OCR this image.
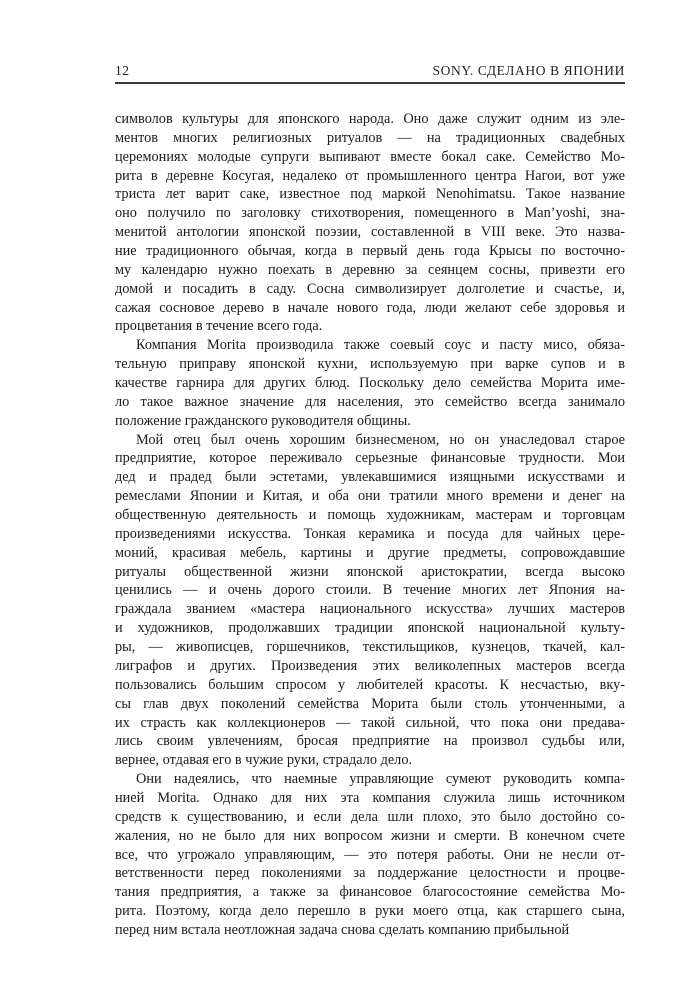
12	SONY. СДЕЛАНО В ЯПОНИИ
символов культуры для японского народа. Оно даже служит одним из эле-
ментов многих религиозных ритуалов — на традиционных свадебных
церемониях молодые супруги выпивают вместе бокал саке. Семейство Мо-
рита в деревне Косугая, недалеко от промышленного центра Нагои, вот уже
триста лет варит саке, известное под маркой Nenohimatsu. Такое название
оно получило по заголовку стихотворения, помещенного в Man’yoshi, зна-
менитой антологии японской поэзии, составленной в VIII веке. Это назва-
ние традиционного обычая, когда в первый день года Крысы по восточно-
му календарю нужно поехать в деревню за сеянцем сосны, привезти его
домой и посадить в саду. Сосна символизирует долголетие и счастье, и,
сажая сосновое дерево в начале нового года, люди желают себе здоровья и
процветания в течение всего года.
Компания Morita производила также соевый соус и пасту мисо, обяза-
тельную приправу японской кухни, используемую при варке супов и в
качестве гарнира для других блюд. Поскольку дело семейства Морита име-
ло такое важное значение для населения, это семейство всегда занимало
положение гражданского руководителя общины.
Мой отец был очень хорошим бизнесменом, но он унаследовал старое
предприятие, которое переживало серьезные финансовые трудности. Мои
дед и прадед были эстетами, увлекавшимися изящными искусствами и
ремеслами Японии и Китая, и оба они тратили много времени и денег на
общественную деятельность и помощь художникам, мастерам и торговцам
произведениями искусства. Тонкая керамика и посуда для чайных цере-
моний, красивая мебель, картины и другие предметы, сопровождавшие
ритуалы общественной жизни японской аристократии, всегда высоко
ценились — и очень дорого стоили. В течение многих лет Япония на-
граждала званием «мастера национального искусства» лучших мастеров
и художников, продолжавших традиции японской национальной культу-
ры, — живописцев, горшечников, текстильщиков, кузнецов, ткачей, кал-
лиграфов и других. Произведения этих великолепных мастеров всегда
пользовались большим спросом у любителей красоты. К несчастью, вку-
сы глав двух поколений семейства Морита были столь утонченными, а
их страсть как коллекционеров — такой сильной, что пока они предава-
лись своим увлечениям, бросая предприятие на произвол судьбы или,
вернее, отдавая его в чужие руки, страдало дело.
Они надеялись, что наемные управляющие сумеют руководить компа-
нией Morita. Однако для них эта компания служила лишь источником
средств к существованию, и если дела шли плохо, это было достойно со-
жаления, но не было для них вопросом жизни и смерти. В конечном счете
все, что угрожало управляющим, — это потеря работы. Они не несли от-
ветственности перед поколениями за поддержание целостности и процве-
тания предприятия, а также за финансовое благосостояние семейства Мо-
рита. Поэтому, когда дело перешло в руки моего отца, как старшего сына,
перед ним встала неотложная задача снова сделать компанию прибыльной
